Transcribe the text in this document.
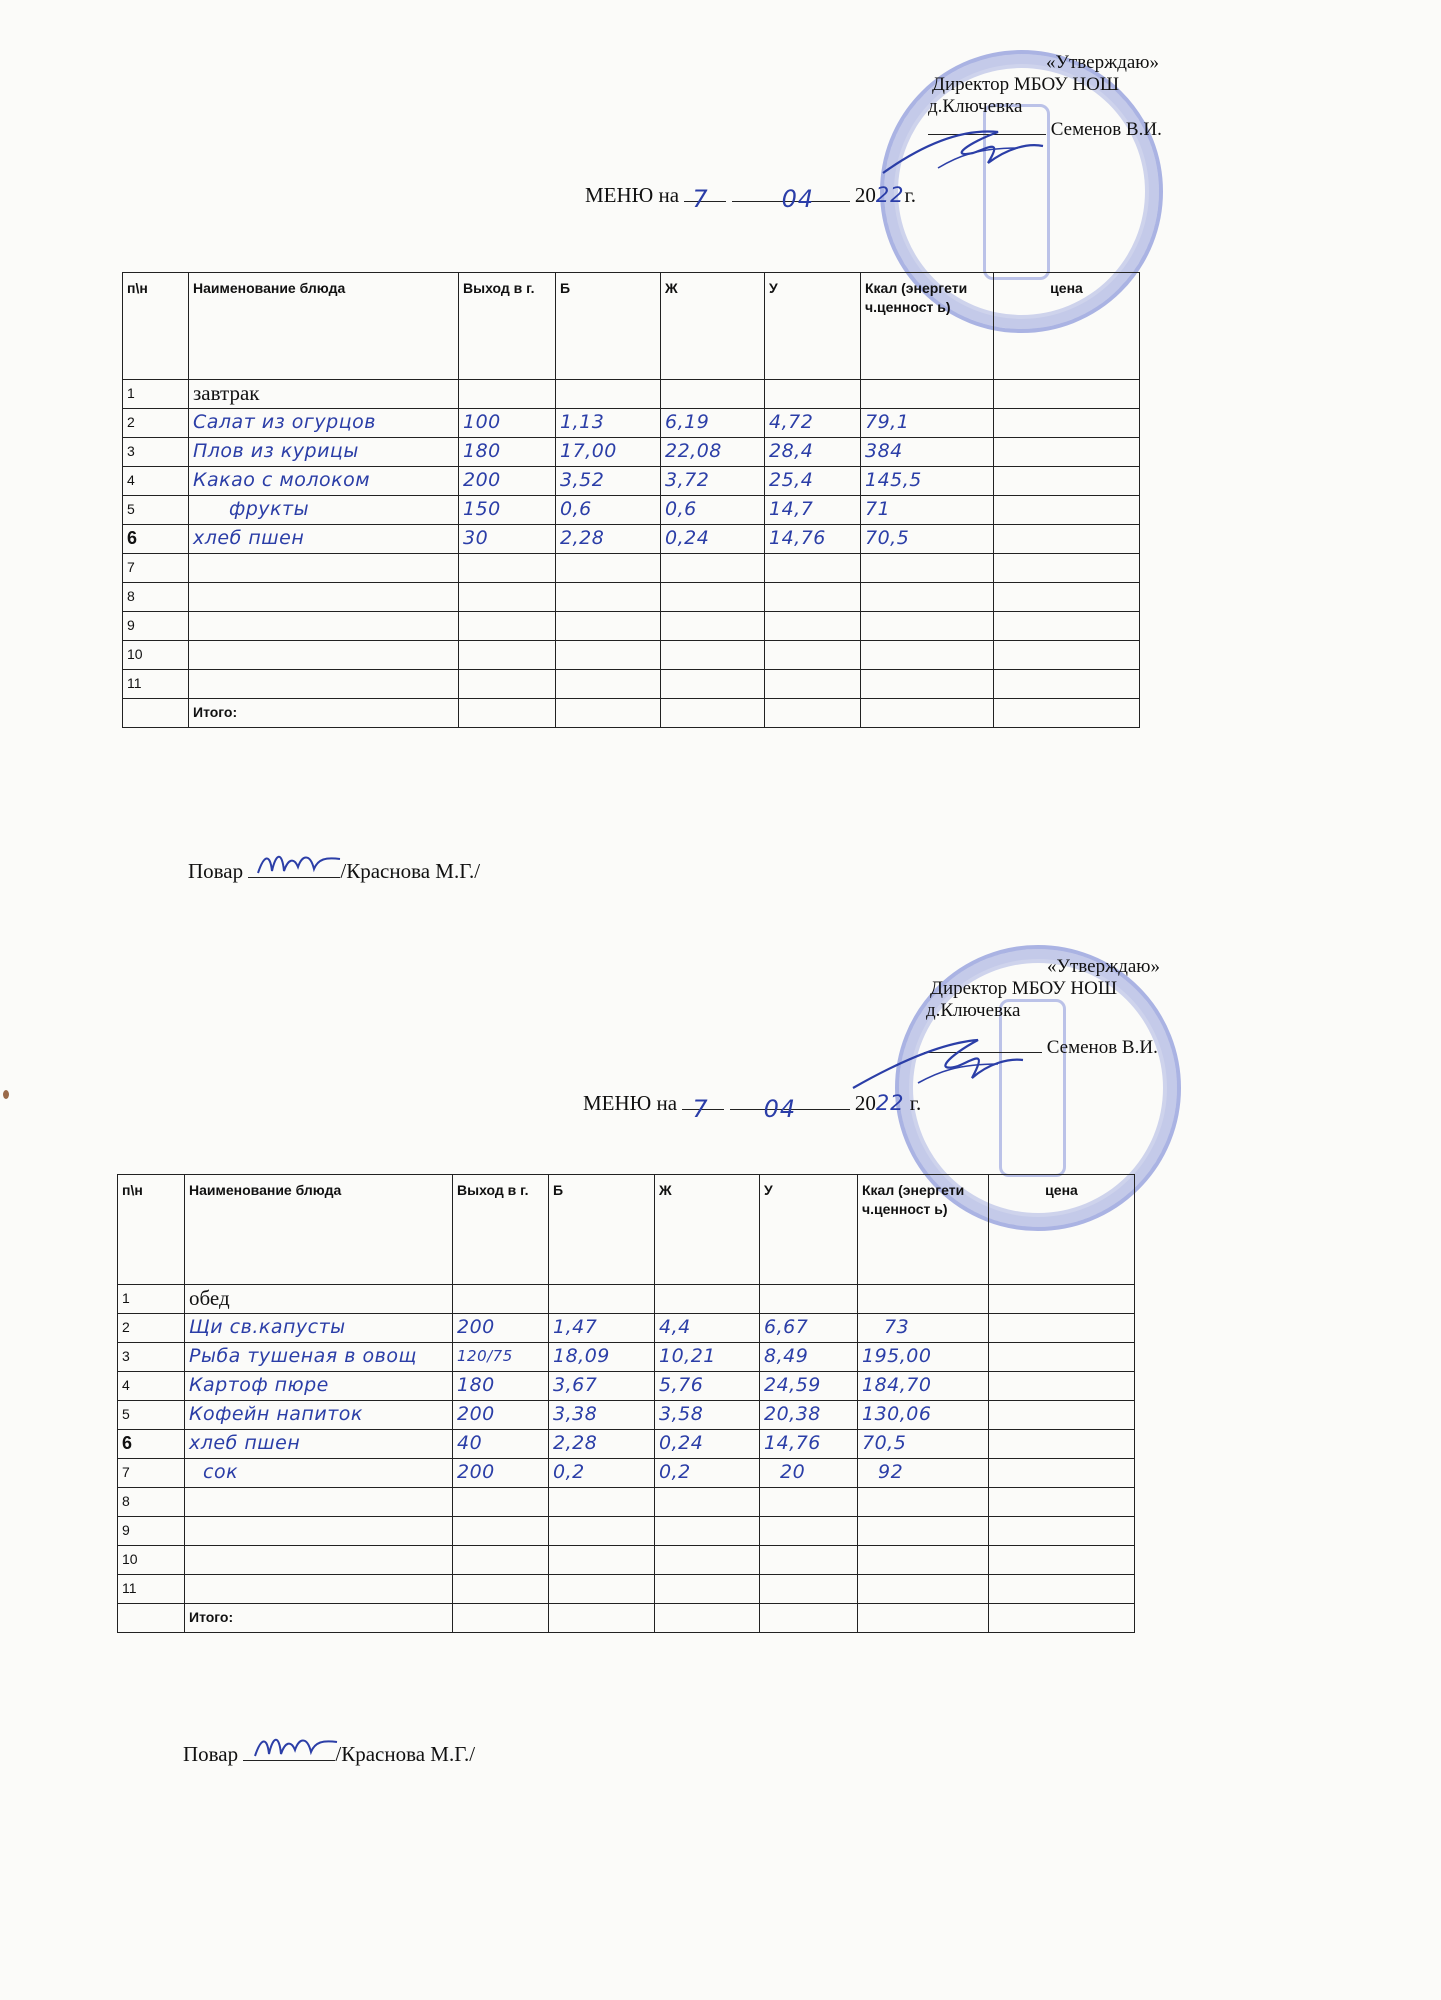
«Утверждаю»
Директор МБОУ НОШ
д.Ключевка
Семенов В.И.
МЕНЮ на 7
	04 2022г.
п\н	Наименование блюда	Выход в г.	Б	Ж	У	Ккал (энергети ч.ценност ь)	цена
1	завтрак						
2	Салат из огурцов	100	1,13	6,19	4,72	79,1	
3	Плов из курицы	180	17,00	22,08	28,4	384	
4	Какао с молоком	200	3,52	3,72	25,4	145,5	
5	фрукты	150	0,6	0,6	14,7	71	
6	хлеб пшен	30	2,28	0,24	14,76	70,5	
7							
8							
9							
10							
11							
	Итого:						
Повар	/Краснова М.Г./
«Утверждаю»
Директор МБОУ НОШ
д.Ключевка
Семенов В.И.
МЕНЮ на 7
04	2022 г.
п\н	Наименование блюда	Выход в г.	Б	Ж	У	Ккал (энергети ч.ценност ь)	цена
1	обед						
2	Щи св.капусты	200	1,47	4,4	6,67	73	
3	Рыба тушеная в овощ	120/75	18,09	10,21	8,49	195,00	
4	Картоф пюре	180	3,67	5,76	24,59	184,70	
5	Кофейн напиток	200	3,38	3,58	20,38	130,06	
6	хлеб пшен	40	2,28	0,24	14,76	70,5	
7	сок	200	0,2	0,2	20	92	
8							
9							
10							
11							
	Итого:						
Повар	/Краснова М.Г./
